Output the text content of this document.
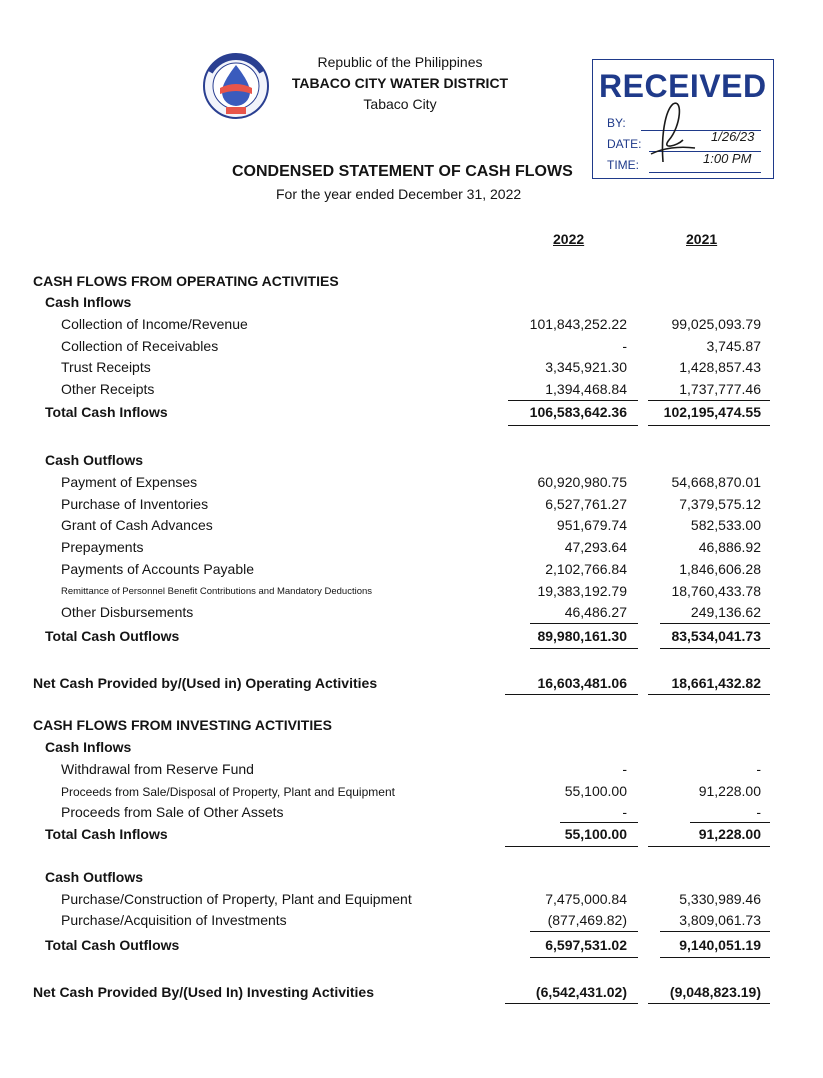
Republic of the Philippines
TABACO CITY WATER DISTRICT
Tabaco City	RECEIVED
BY:
DATE:
TIME:
1/26/23
1:00 PM
CONDENSED STATEMENT OF CASH FLOWS
For the year ended December 31, 2022
2022	2021
CASH FLOWS FROM OPERATING ACTIVITIES
Cash Inflows
Collection of Income/Revenue	101,843,252.22	99,025,093.79
Collection of Receivables	-	3,745.87
Trust Receipts	3,345,921.30	1,428,857.43
Other Receipts	1,394,468.84	1,737,777.46
Total Cash Inflows	106,583,642.36	102,195,474.55
Cash Outflows
Payment of Expenses	60,920,980.75	54,668,870.01
Purchase of Inventories	6,527,761.27	7,379,575.12
Grant of Cash Advances	951,679.74	582,533.00
Prepayments	47,293.64	46,886.92
Payments of Accounts Payable	2,102,766.84	1,846,606.28
Remittance of Personnel Benefit Contributions and Mandatory Deductions	19,383,192.79	18,760,433.78
Other Disbursements	46,486.27	249,136.62
Total Cash Outflows	89,980,161.30	83,534,041.73
Net Cash Provided by/(Used in) Operating Activities	16,603,481.06	18,661,432.82
CASH FLOWS FROM INVESTING ACTIVITIES
Cash Inflows
Withdrawal from Reserve Fund	-	-
Proceeds from Sale/Disposal of Property, Plant and Equipment	55,100.00	91,228.00
Proceeds from Sale of Other Assets	-	-
Total Cash Inflows	55,100.00	91,228.00
Cash Outflows
Purchase/Construction of Property, Plant and Equipment	7,475,000.84	5,330,989.46
Purchase/Acquisition of Investments	(877,469.82)	3,809,061.73
Total Cash Outflows	6,597,531.02	9,140,051.19
Net Cash Provided By/(Used In) Investing Activities	(6,542,431.02)	(9,048,823.19)
